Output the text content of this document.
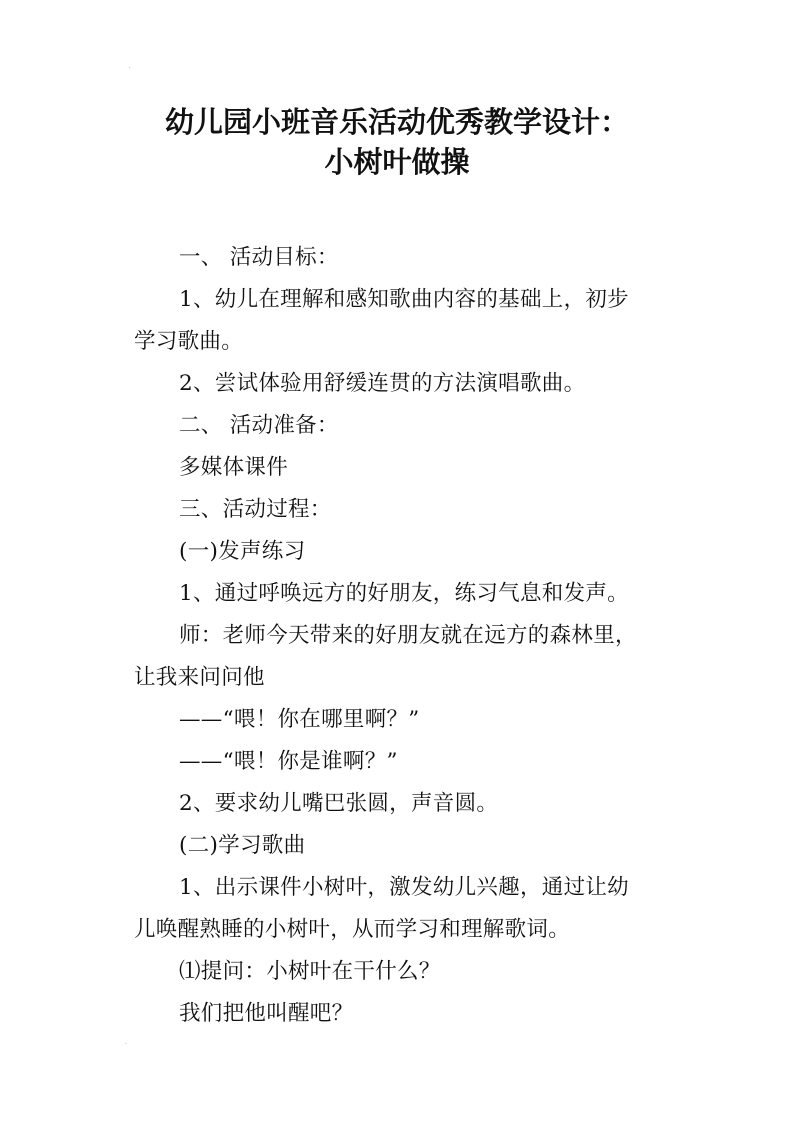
·
幼儿园小班音乐活动优秀教学设计：
小树叶做操
一、 活动目标：
1、幼儿在理解和感知歌曲内容的基础上，初步
学习歌曲。
2、尝试体验用舒缓连贯的方法演唱歌曲。
二、 活动准备：
多媒体课件
三、活动过程：
(一)发声练习
1、通过呼唤远方的好朋友，练习气息和发声。
师：老师今天带来的好朋友就在远方的森林里，
让我来问问他
——“喂！你在哪里啊？”
——“喂！你是谁啊？”
2、要求幼儿嘴巴张圆，声音圆。
(二)学习歌曲
1、出示课件小树叶，激发幼儿兴趣，通过让幼
儿唤醒熟睡的小树叶，从而学习和理解歌词。
⑴提问：小树叶在干什么？
我们把他叫醒吧？
·
